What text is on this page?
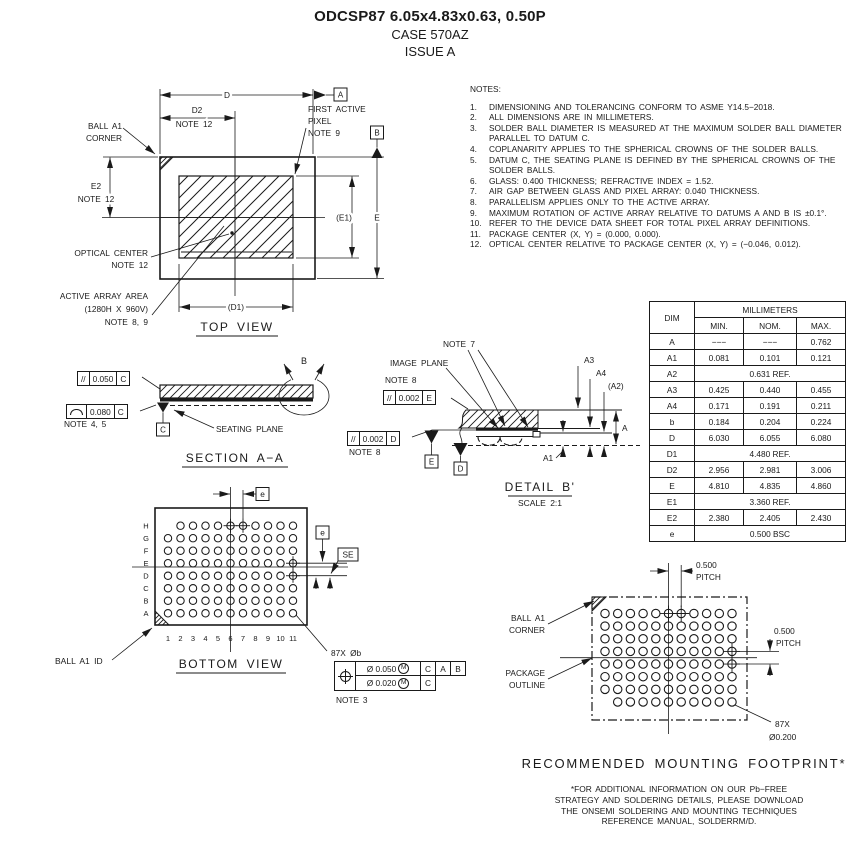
ODCSP87 6.05x4.83x0.63, 0.50P
CASE 570AZ
ISSUE A
A
D
D2
NOTE 12
E2
NOTE 12
B
E
(E1)
(D1)
BALL A1
CORNER
FIRST ACTIVE
PIXEL
NOTE 9
OPTICAL CENTER
NOTE 12
ACTIVE ARRAY AREA
(1280H X 960V)
NOTE 8, 9	TOP VIEW
C	SEATING PLANE
B
SECTION A−A
NOTE 7
IMAGE PLANE
E
D
A3
A4
(A2)
A
A1
DETAIL B'
SCALE 2:1
H
G
F
E
D
C
B
A
1 2 3 4 5 6 7 8 9 10 11
e
e
SE
BALL A1 ID	BOTTOM VIEW
87X Øb
0.500
PITCH
0.500
PITCH
BALL A1
CORNER
PACKAGE
OUTLINE
87X
Ø0.200
RECOMMENDED MOUNTING FOOTPRINT*
NOTES:
1.	DIMENSIONING AND TOLERANCING CONFORM TO ASME Y14.5−2018.
2.	ALL DIMENSIONS ARE IN MILLIMETERS.
3.	SOLDER BALL DIAMETER IS MEASURED AT THE MAXIMUM SOLDER BALL DIAMETER PARALLEL TO DATUM C.
4.	COPLANARITY APPLIES TO THE SPHERICAL CROWNS OF THE SOLDER BALLS.
5.	DATUM C, THE SEATING PLANE IS DEFINED BY THE SPHERICAL CROWNS OF THE SOLDER BALLS.
6.	GLASS: 0.400 THICKNESS; REFRACTIVE INDEX = 1.52.
7.	AIR GAP BETWEEN GLASS AND PIXEL ARRAY: 0.040 THICKNESS.
8.	PARALLELISM APPLIES ONLY TO THE ACTIVE ARRAY.
9.	MAXIMUM ROTATION OF ACTIVE ARRAY RELATIVE TO DATUMS A AND B IS ±0.1°.
10. REFER TO THE DEVICE DATA SHEET FOR TOTAL PIXEL ARRAY DEFINITIONS.
11. PACKAGE CENTER (X, Y) = (0.000, 0.000).
12. OPTICAL CENTER RELATIVE TO PACKAGE CENTER (X, Y) = (−0.046, 0.012).
DIM	MILLIMETERS		
	MIN.	NOM.	MAX.
A	−−−	−−−	0.762
A1	0.081	0.101	0.121
A2	0.631 REF.		
A3	0.425	0.440	0.455
A4	0.171	0.191	0.211
b	0.184	0.204	0.224
D	6.030	6.055	6.080
D1	4.480 REF.		
D2	2.956	2.981	3.006
E	4.810	4.835	4.860
E1	3.360 REF.		
E2	2.380	2.405	2.430
e	0.500 BSC		
// 0.050 C
0.080 C
NOTE 4, 5
NOTE 8
// 0.002 E
// 0.002 D
NOTE 8
Ø 0.050 M	C	A	B
Ø 0.020 M	C
NOTE 3
*FOR ADDITIONAL INFORMATION ON OUR Pb−FREE
STRATEGY AND SOLDERING DETAILS, PLEASE DOWNLOAD
THE ONSEMI SOLDERING AND MOUNTING TECHNIQUES
REFERENCE MANUAL, SOLDERRM/D.
